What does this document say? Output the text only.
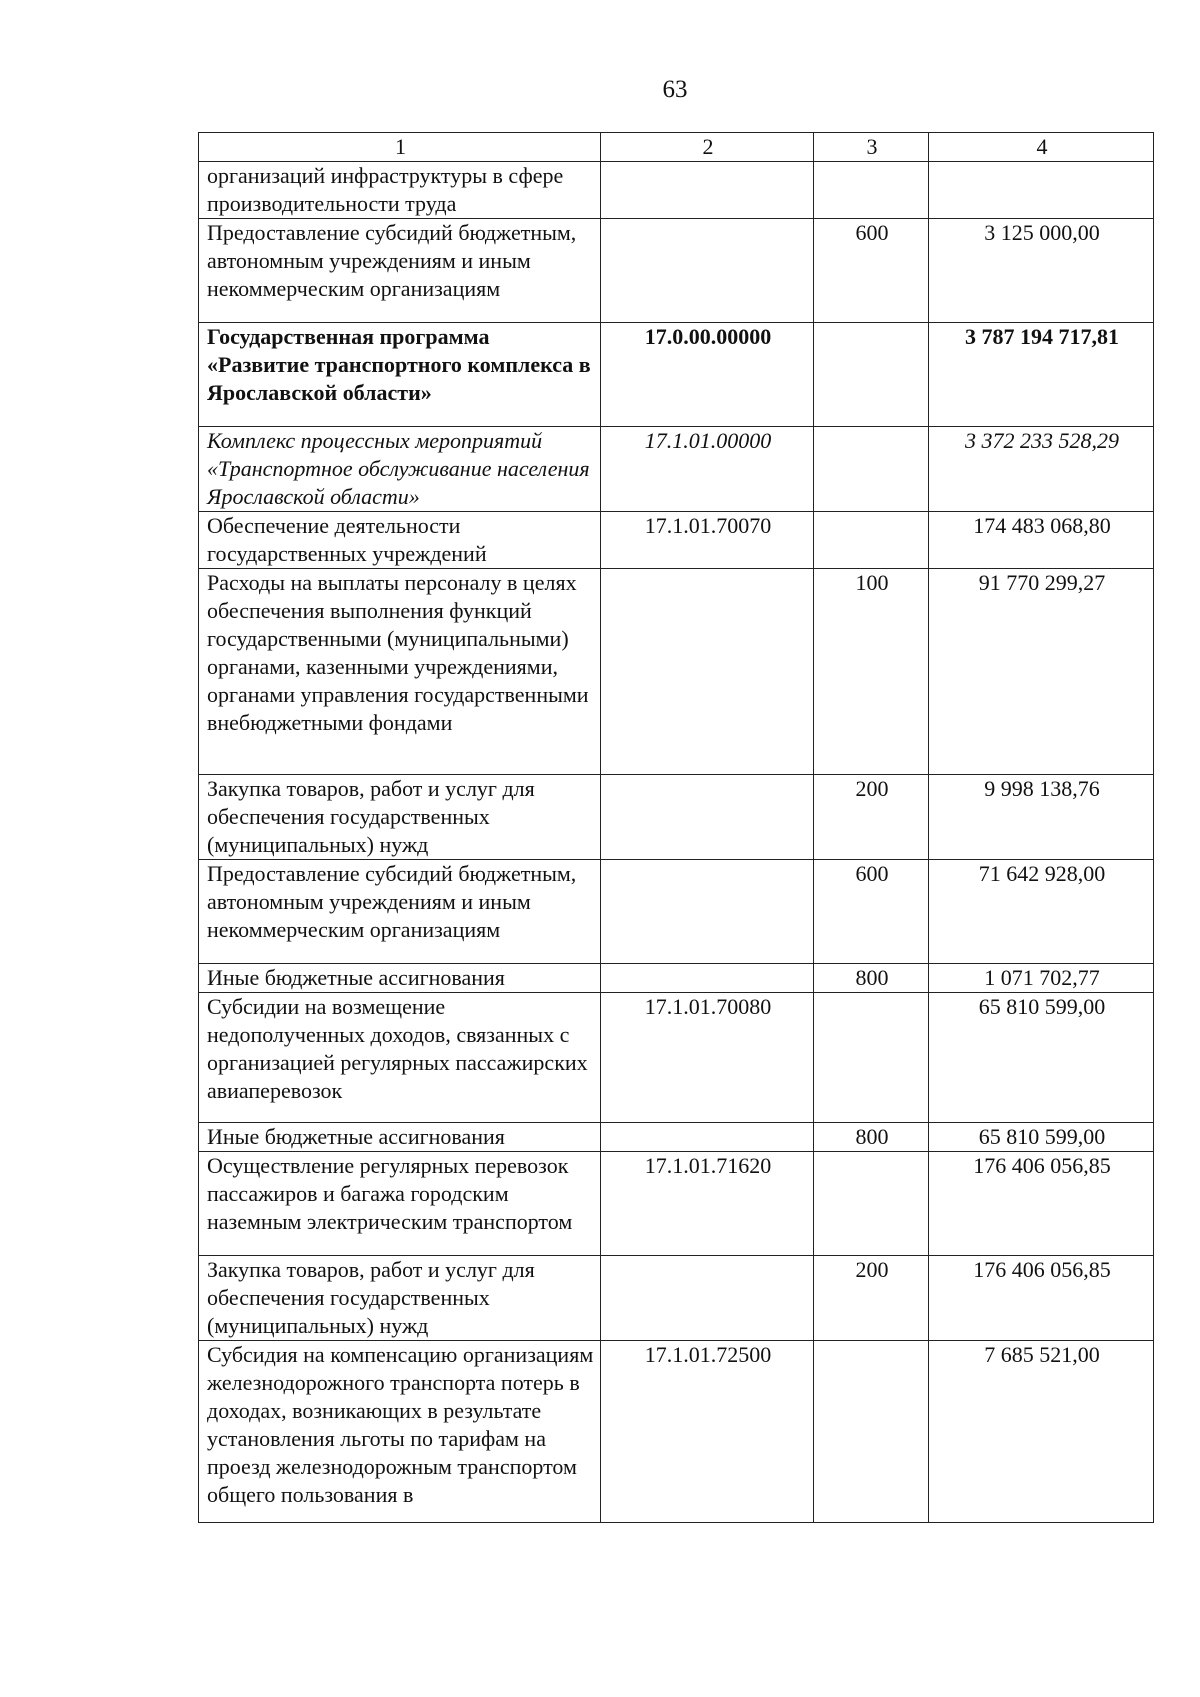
63
1	2	3	4
организаций инфраструктуры в сфере производительности труда			
Предоставление субсидий бюджетным, автономным учреждениям и иным некоммерческим организациям		600	3 125 000,00
Государственная программа «Развитие транспортного комплекса в Ярославской области»	17.0.00.00000		3 787 194 717,81
Комплекс процессных мероприятий «Транспортное обслуживание населения Ярославской области»	17.1.01.00000		3 372 233 528,29
Обеспечение деятельности государственных учреждений	17.1.01.70070		174 483 068,80
Расходы на выплаты персоналу в целях обеспечения выполнения функций государственными (муниципальными) органами, казенными учреждениями, органами управления государственными внебюджетными фондами		100	91 770 299,27
Закупка товаров, работ и услуг для обеспечения государственных (муниципальных) нужд		200	9 998 138,76
Предоставление субсидий бюджетным, автономным учреждениям и иным некоммерческим организациям		600	71 642 928,00
Иные бюджетные ассигнования		800	1 071 702,77
Субсидии на возмещение недополученных доходов, связанных с организацией регулярных пассажирских авиаперевозок	17.1.01.70080		65 810 599,00
Иные бюджетные ассигнования		800	65 810 599,00
Осуществление регулярных перевозок пассажиров и багажа городским наземным электрическим транспортом	17.1.01.71620		176 406 056,85
Закупка товаров, работ и услуг для обеспечения государственных (муниципальных) нужд		200	176 406 056,85
Субсидия на компенсацию организациям железнодорожного транспорта потерь в доходах, возникающих в результате установления льготы по тарифам на проезд железнодорожным транспортом общего пользования в	17.1.01.72500		7 685 521,00
